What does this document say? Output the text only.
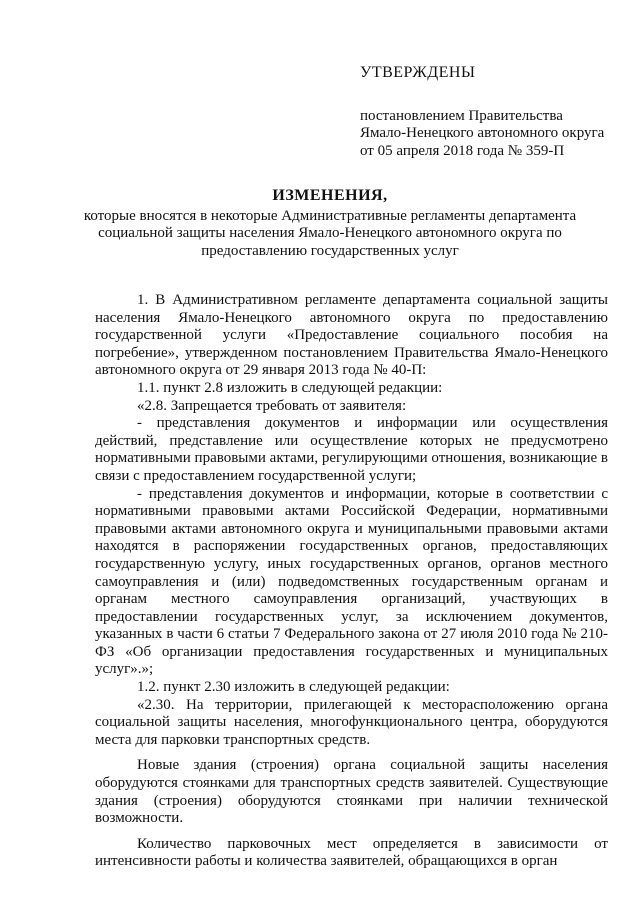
УТВЕРЖДЕНЫ
постановлением Правительства
Ямало-Ненецкого автономного округа
от 05 апреля 2018 года № 359-П
ИЗМЕНЕНИЯ,
которые вносятся в некоторые Административные регламенты департамента социальной защиты населения Ямало-Ненецкого автономного округа по предоставлению государственных услуг

1. В Административном регламенте департамента социальной защиты населения Ямало-Ненецкого автономного округа по предоставлению государственной услуги «Предоставление социального пособия на погребение», утвержденном постановлением Правительства Ямало-Ненецкого автономного округа от 29 января 2013 года № 40-П:

1.1. пункт 2.8 изложить в следующей редакции:

«2.8. Запрещается требовать от заявителя:

- представления документов и информации или осуществления действий, представление или осуществление которых не предусмотрено нормативными правовыми актами, регулирующими отношения, возникающие в связи с предоставлением государственной услуги;

- представления документов и информации, которые в соответствии с нормативными правовыми актами Российской Федерации, нормативными правовыми актами автономного округа и муниципальными правовыми актами находятся в распоряжении государственных органов, предоставляющих государственную услугу, иных государственных органов, органов местного самоуправления и (или) подведомственных государственным органам и органам местного самоуправления организаций, участвующих в предоставлении государственных услуг, за исключением документов, указанных в части 6 статьи 7 Федерального закона от 27 июля 2010 года № 210-ФЗ «Об организации предоставления государственных и муниципальных услуг».»;

1.2. пункт 2.30 изложить в следующей редакции:

«2.30. На территории, прилегающей к месторасположению органа социальной защиты населения, многофункционального центра, оборудуются места для парковки транспортных средств.

Новые здания (строения) органа социальной защиты населения оборудуются стоянками для транспортных средств заявителей. Существующие здания (строения) оборудуются стоянками при наличии технической возможности.

Количество парковочных мест определяется в зависимости от интенсивности работы и количества заявителей, обращающихся в орган
